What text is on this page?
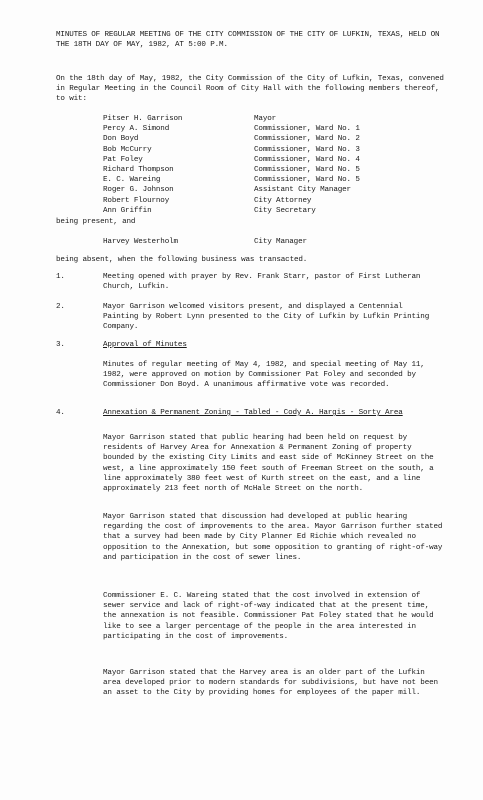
MINUTES OF REGULAR MEETING OF THE CITY COMMISSION OF THE CITY OF LUFKIN, TEXAS, HELD ON THE 18TH DAY OF MAY, 1982, AT 5:00 P.M.
On the 18th day of May, 1982, the City Commission of the City of Lufkin, Texas, convened in Regular Meeting in the Council Room of City Hall with the following members thereof, to wit:
Pitser H. Garrison	Mayor
Percy A. Simond	Commissioner, Ward No. 1
Don Boyd	Commissioner, Ward No. 2
Bob McCurry	Commissioner, Ward No. 3
Pat Foley	Commissioner, Ward No. 4
Richard Thompson	Commissioner, Ward No. 5
E. C. Wareing	Commissioner, Ward No. 5
Roger G. Johnson	Assistant City Manager
Robert Flournoy	City Attorney
Ann Griffin	City Secretary
being present, and
Harvey Westerholm	City Manager
being absent, when the following business was transacted.
1.	Meeting opened with prayer by Rev. Frank Starr, pastor of First Lutheran Church, Lufkin.
2.	Mayor Garrison welcomed visitors present, and displayed a Centennial Painting by Robert Lynn presented to the City of Lufkin by Lufkin Printing Company.
3.	Approval of Minutes
Minutes of regular meeting of May 4, 1982, and special meeting of May 11, 1982, were approved on motion by Commissioner Pat Foley and seconded by Commissioner Don Boyd. A unanimous affirmative vote was recorded.
4.	Annexation & Permanent Zoning - Tabled - Cody A. Hargis - Sorty Area
Mayor Garrison stated that public hearing had been held on request by residents of Harvey Area for Annexation & Permanent Zoning of property bounded by the existing City Limits and east side of McKinney Street on the west, a line approximately 150 feet south of Freeman Street on the south, a line approximately 380 feet west of Kurth street on the east, and a line approximately 213 feet north of McHale Street on the north.
Mayor Garrison stated that discussion had developed at public hearing regarding the cost of improvements to the area. Mayor Garrison further stated that a survey had been made by City Planner Ed Richie which revealed no opposition to the Annexation, but some opposition to granting of right-of-way and participation in the cost of sewer lines.
Commissioner E. C. Wareing stated that the cost involved in extension of sewer service and lack of right-of-way indicated that at the present time, the annexation is not feasible. Commissioner Pat Foley stated that he would like to see a larger percentage of the people in the area interested in participating in the cost of improvements.
Mayor Garrison stated that the Harvey area is an older part of the Lufkin area developed prior to modern standards for subdivisions, but have not been an asset to the City by providing homes for employees of the paper mill.
